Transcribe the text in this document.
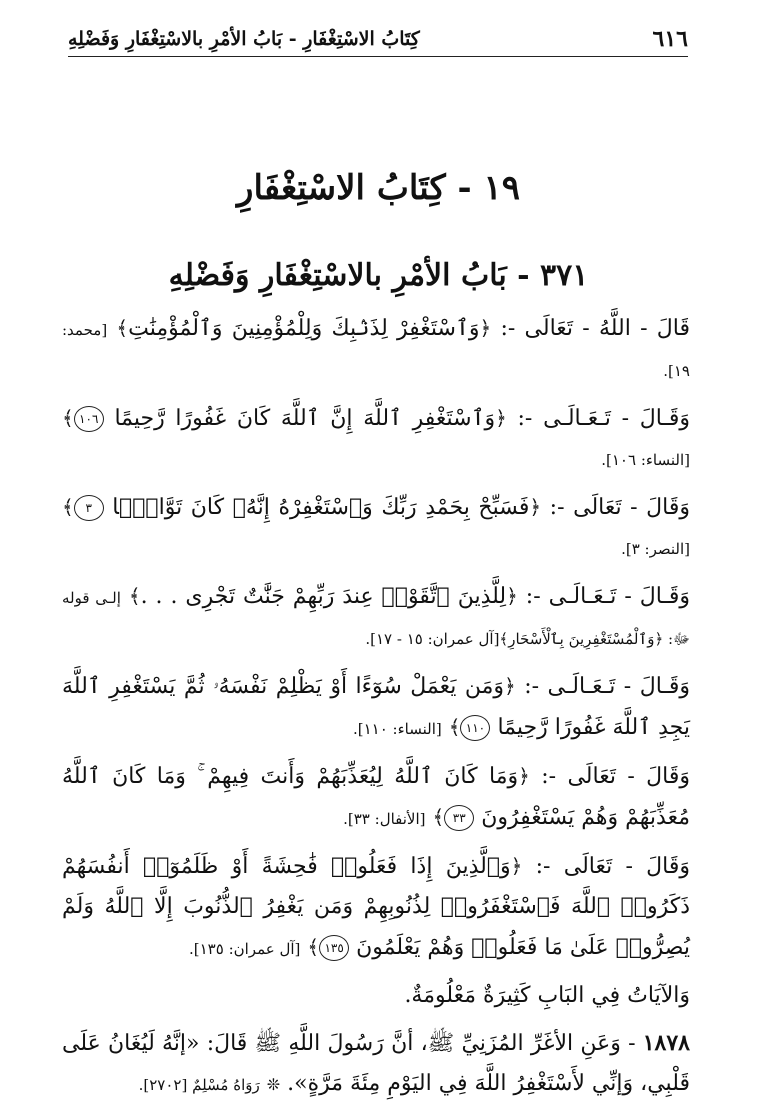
٦١٦
كِتَابُ الاسْتِغْفَارِ - بَابُ الأمْرِ بالاسْتِغْفَارِ وَفَضْلِهِ
١٩ - كِتَابُ الاسْتِغْفَارِ
٣٧١ - بَابُ الأمْرِ بالاسْتِغْفَارِ وَفَضْلِهِ

قَالَ - اللَّهُ - تَعَالَى -: ﴿وَٱسْتَغْفِرْ لِذَنۢبِكَ وَلِلْمُؤْمِنِينَ وَٱلْمُؤْمِنَٰتِ﴾ [محمد: ١٩].

وَقَـالَ - تَـعَـالَـى -: ﴿وَٱسْتَغْفِرِ ٱللَّهَ إِنَّ ٱللَّهَ كَانَ غَفُورًا رَّحِيمًا ١٠٦﴾ [النساء: ١٠٦].

وَقَالَ - تَعَالَى -: ﴿فَسَبِّحْ بِحَمْدِ رَبِّكَ وَٱسْتَغْفِرْهُ إِنَّهُۥ كَانَ تَوَّابًۢا ٣﴾ [النصر: ٣].

وَقَـالَ - تَـعَـالَـى -: ﴿لِلَّذِينَ ٱتَّقَوْا۟ عِندَ رَبِّهِمْ جَنَّٰتٌ تَجْرِى . . .﴾ إلـى قوله ﷻ: ﴿وَٱلْمُسْتَغْفِرِينَ بِٱلْأَسْحَارِ﴾[آل عمران: ١٥ - ١٧].

وَقَـالَ - تَـعَـالَـى -: ﴿وَمَن يَعْمَلْ سُوٓءًا أَوْ يَظْلِمْ نَفْسَهُۥ ثُمَّ يَسْتَغْفِرِ ٱللَّهَ يَجِدِ ٱللَّهَ غَفُورًا رَّحِيمًا ١١٠﴾ [النساء: ١١٠].

وَقَالَ - تَعَالَى -: ﴿وَمَا كَانَ ٱللَّهُ لِيُعَذِّبَهُمْ وَأَنتَ فِيهِمْ ۚ وَمَا كَانَ ٱللَّهُ مُعَذِّبَهُمْ وَهُمْ يَسْتَغْفِرُونَ ٣٣﴾ [الأنفال: ٣٣].

وَقَالَ - تَعَالَى -: ﴿وَٱلَّذِينَ إِذَا فَعَلُوا۟ فَٰحِشَةً أَوْ ظَلَمُوٓا۟ أَنفُسَهُمْ ذَكَرُوا۟ ٱللَّهَ فَٱسْتَغْفَرُوا۟ لِذُنُوبِهِمْ وَمَن يَغْفِرُ ٱلذُّنُوبَ إِلَّا ٱللَّهُ وَلَمْ يُصِرُّوا۟ عَلَىٰ مَا فَعَلُوا۟ وَهُمْ يَعْلَمُونَ ١٣٥﴾ [آل عمران: ١٣٥].

وَالآيَاتُ فِي البَابِ كَثِيرَةٌ مَعْلُومَةٌ.

١٨٧٨ - وَعَنِ الأغَرِّ المُزَنِيِّ ﷺ، أنَّ رَسُولَ اللَّهِ ﷺ قَالَ: «إنَّهُ لَيُغَانُ عَلَى قَلْبِي، وَإنِّي لأَسْتَغْفِرُ اللَّهَ فِي اليَوْمِ مِئَةَ مَرَّةٍ». ❊ رَوَاهُ مُسْلِمٌ [٢٧٠٢].
